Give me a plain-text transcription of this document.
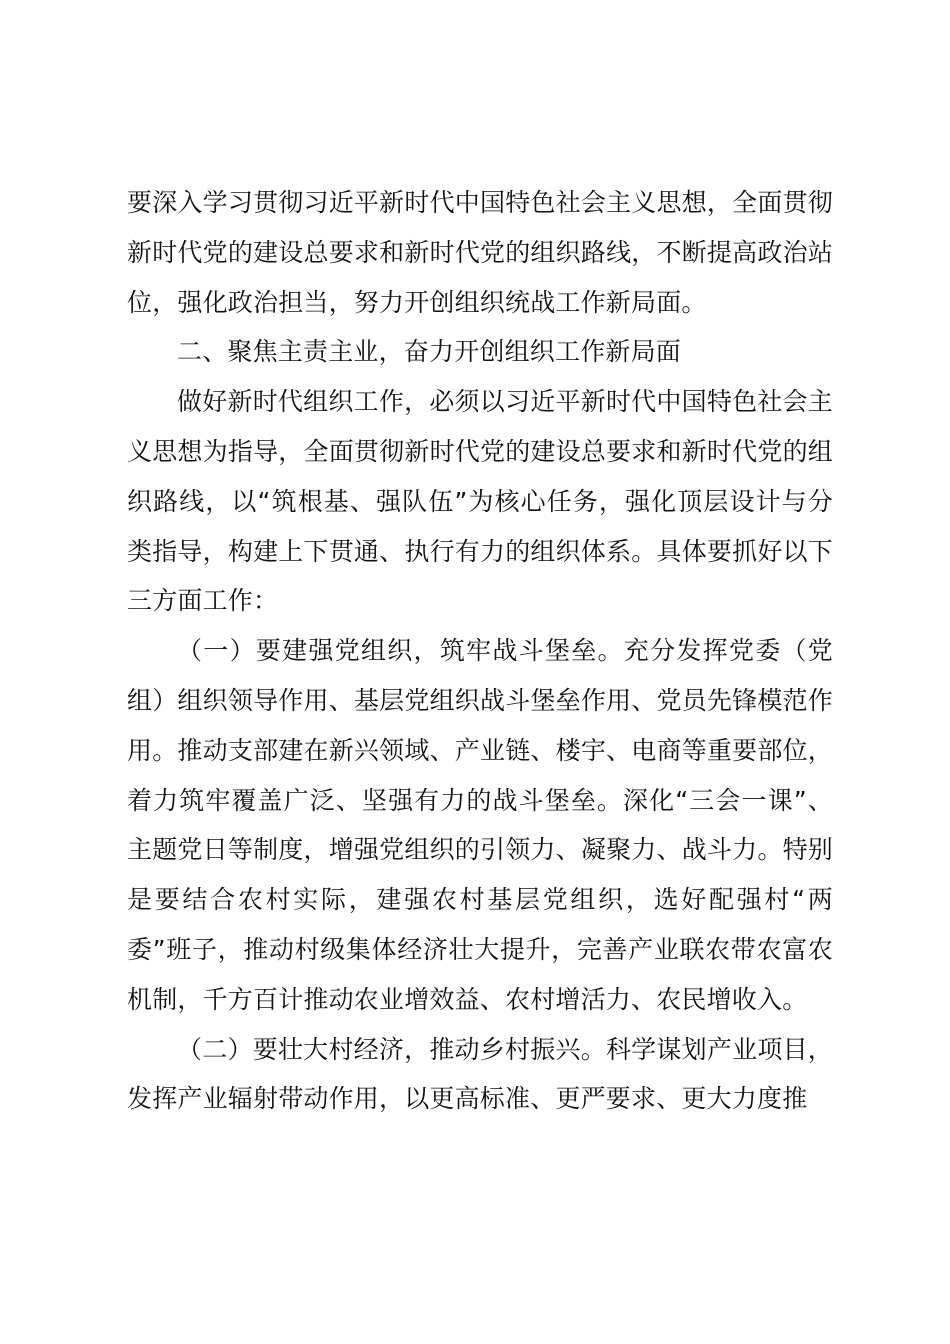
要深入学习贯彻习近平新时代中国特色社会主义思想，全面贯彻新时代党的建设总要求和新时代党的组织路线，不断提高政治站位，强化政治担当，努力开创组织统战工作新局面。

二、聚焦主责主业，奋力开创组织工作新局面

做好新时代组织工作，必须以习近平新时代中国特色社会主义思想为指导，全面贯彻新时代党的建设总要求和新时代党的组织路线，以“筑根基、强队伍”为核心任务，强化顶层设计与分类指导，构建上下贯通、执行有力的组织体系。具体要抓好以下三方面工作：

（一）要建强党组织，筑牢战斗堡垒。充分发挥党委（党组）组织领导作用、基层党组织战斗堡垒作用、党员先锋模范作用。推动支部建在新兴领域、产业链、楼宇、电商等重要部位，着力筑牢覆盖广泛、坚强有力的战斗堡垒。深化“三会一课”、主题党日等制度，增强党组织的引领力、凝聚力、战斗力。特别是要结合农村实际，建强农村基层党组织，选好配强村“两委”班子，推动村级集体经济壮大提升，完善产业联农带农富农机制，千方百计推动农业增效益、农村增活力、农民增收入。

（二）要壮大村经济，推动乡村振兴。科学谋划产业项目，发挥产业辐射带动作用，以更高标准、更严要求、更大力度推
